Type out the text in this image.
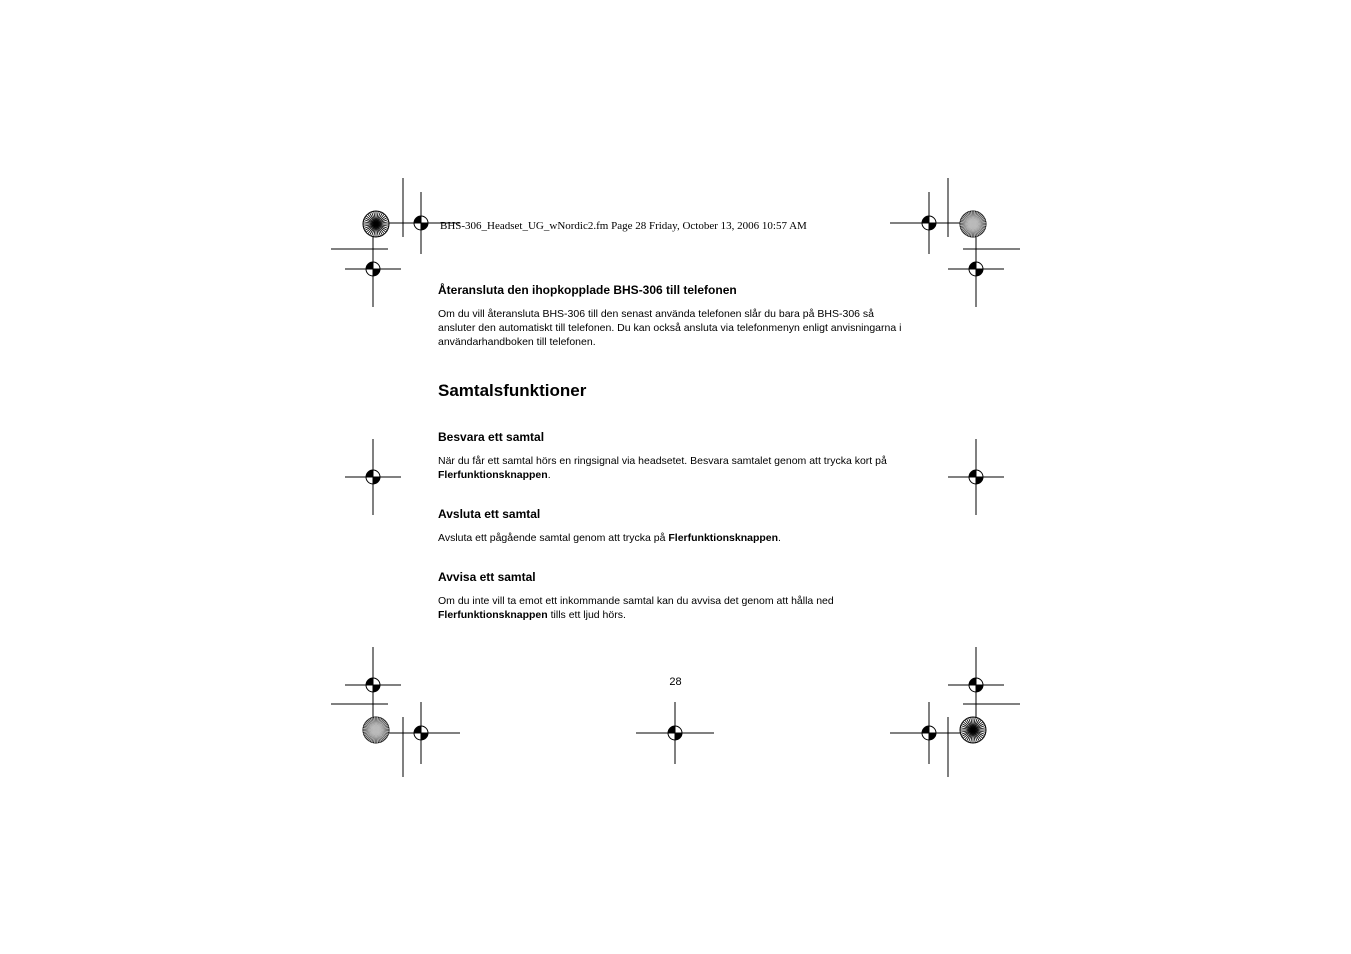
BHS-306_Headset_UG_wNordic2.fm Page 28 Friday, October 13, 2006 10:57 AM

Återansluta den ihopkopplade BHS-306 till telefonen

Om du vill återansluta BHS-306 till den senast använda telefonen slår du bara på BHS-306 så ansluter den automatiskt till telefonen. Du kan också ansluta via telefonmenyn enligt anvisningarna i användarhandboken till telefonen.

Samtalsfunktioner

Besvara ett samtal

När du får ett samtal hörs en ringsignal via headsetet. Besvara samtalet genom att trycka kort på Flerfunktionsknappen.

Avsluta ett samtal

Avsluta ett pågående samtal genom att trycka på Flerfunktionsknappen.

Avvisa ett samtal

Om du inte vill ta emot ett inkommande samtal kan du avvisa det genom att hålla ned Flerfunktionsknappen tills ett ljud hörs.

28
